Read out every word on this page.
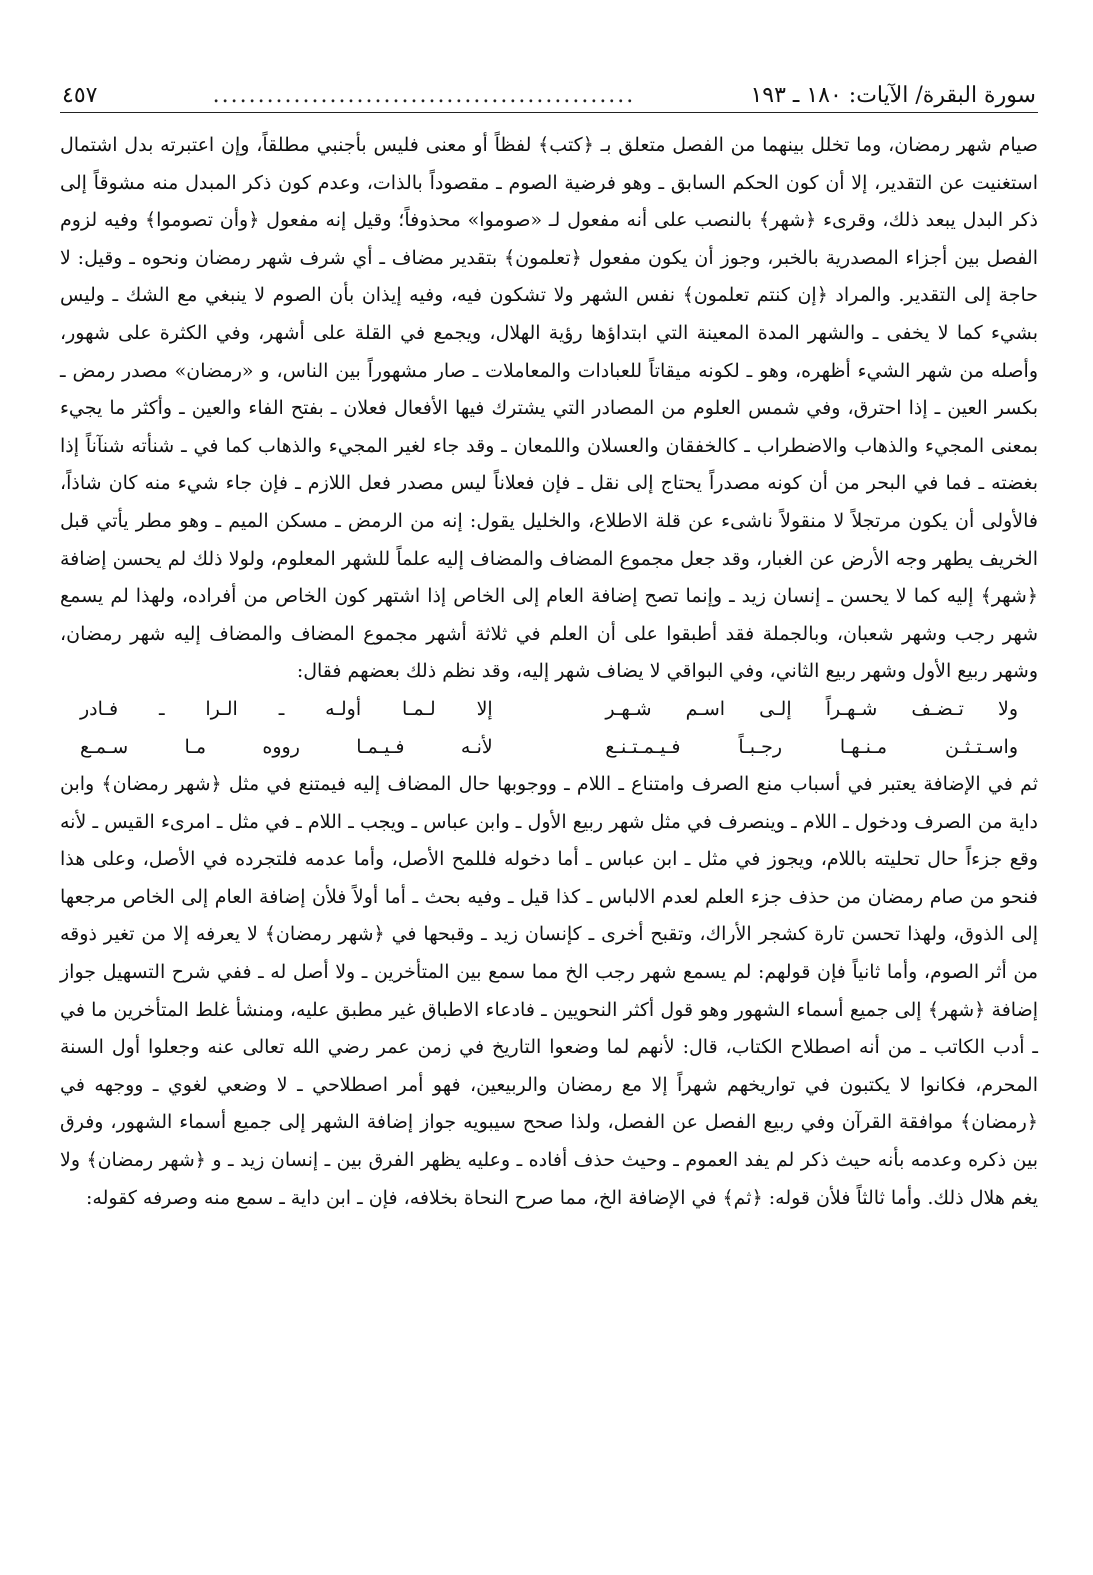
سورة البقرة/ الآيات: ١٨٠ ـ ١٩٣
...............................................
٤٥٧

صيام شهر رمضان، وما تخلل بينهما من الفصل متعلق بـ ﴿كتب﴾ لفظاً أو معنى فليس بأجنبي مطلقاً، وإن اعتبرته بدل اشتمال استغنيت عن التقدير، إلا أن كون الحكم السابق ـ وهو فرضية الصوم ـ مقصوداً بالذات، وعدم كون ذكر المبدل منه مشوقاً إلى ذكر البدل يبعد ذلك، وقرىء ﴿شهر﴾ بالنصب على أنه مفعول لـ «صوموا» محذوفاً؛ وقيل إنه مفعول ﴿وأن تصوموا﴾ وفيه لزوم الفصل بين أجزاء المصدرية بالخبر، وجوز أن يكون مفعول ﴿تعلمون﴾ بتقدير مضاف ـ أي شرف شهر رمضان ونحوه ـ وقيل: لا حاجة إلى التقدير. والمراد ﴿إن كنتم تعلمون﴾ نفس الشهر ولا تشكون فيه، وفيه إيذان بأن الصوم لا ينبغي مع الشك ـ وليس بشيء كما لا يخفى ـ والشهر المدة المعينة التي ابتداؤها رؤية الهلال، ويجمع في القلة على أشهر، وفي الكثرة على شهور، وأصله من شهر الشيء أظهره، وهو ـ لكونه ميقاتاً للعبادات والمعاملات ـ صار مشهوراً بين الناس، و «رمضان» مصدر رمض ـ بكسر العين ـ إذا احترق، وفي شمس العلوم من المصادر التي يشترك فيها الأفعال فعلان ـ بفتح الفاء والعين ـ وأكثر ما يجيء بمعنى المجيء والذهاب والاضطراب ـ كالخفقان والعسلان واللمعان ـ وقد جاء لغير المجيء والذهاب كما في ـ شنأته شنآناً إذا بغضته ـ فما في البحر من أن كونه مصدراً يحتاج إلى نقل ـ فإن فعلاناً ليس مصدر فعل اللازم ـ فإن جاء شيء منه كان شاذاً، فالأولى أن يكون مرتجلاً لا منقولاً ناشىء عن قلة الاطلاع، والخليل يقول: إنه من الرمض ـ مسكن الميم ـ وهو مطر يأتي قبل الخريف يطهر وجه الأرض عن الغبار، وقد جعل مجموع المضاف والمضاف إليه علماً للشهر المعلوم، ولولا ذلك لم يحسن إضافة ﴿شهر﴾ إليه كما لا يحسن ـ إنسان زيد ـ وإنما تصح إضافة العام إلى الخاص إذا اشتهر كون الخاص من أفراده، ولهذا لم يسمع شهر رجب وشهر شعبان، وبالجملة فقد أطبقوا على أن العلم في ثلاثة أشهر مجموع المضاف والمضاف إليه شهر رمضان، وشهر ربيع الأول وشهر ربيع الثاني، وفي البواقي لا يضاف شهر إليه، وقد نظم ذلك بعضهم فقال:

ولا
تـضـف
شـهـراً
إلـى
اسـم
شـهـر
إلا
لـمـا
أولـه
ـ
الـرا
ـ
فـادر
واسـتـثـن
مـنـهـا
رجـبـاً
فـيـمـتـنـع
لأنـه
فـيـمـا
رووه
مـا
سـمـع

ثم في الإضافة يعتبر في أسباب منع الصرف وامتناع ـ اللام ـ ووجوبها حال المضاف إليه فيمتنع في مثل ﴿شهر رمضان﴾ وابن داية من الصرف ودخول ـ اللام ـ وينصرف في مثل شهر ربيع الأول ـ وابن عباس ـ ويجب ـ اللام ـ في مثل ـ امرىء القيس ـ لأنه وقع جزءاً حال تحليته باللام، ويجوز في مثل ـ ابن عباس ـ أما دخوله فللمح الأصل، وأما عدمه فلتجرده في الأصل، وعلى هذا فنحو من صام رمضان من حذف جزء العلم لعدم الالباس ـ كذا قيل ـ وفيه بحث ـ أما أولاً فلأن إضافة العام إلى الخاص مرجعها إلى الذوق، ولهذا تحسن تارة كشجر الأراك، وتقبح أخرى ـ كإنسان زيد ـ وقبحها في ﴿شهر رمضان﴾ لا يعرفه إلا من تغير ذوقه من أثر الصوم، وأما ثانياً فإن قولهم: لم يسمع شهر رجب الخ مما سمع بين المتأخرين ـ ولا أصل له ـ ففي شرح التسهيل جواز إضافة ﴿شهر﴾ إلى جميع أسماء الشهور وهو قول أكثر النحويين ـ فادعاء الاطباق غير مطبق عليه، ومنشأ غلط المتأخرين ما في ـ أدب الكاتب ـ من أنه اصطلاح الكتاب، قال: لأنهم لما وضعوا التاريخ في زمن عمر رضي الله تعالى عنه وجعلوا أول السنة المحرم، فكانوا لا يكتبون في تواريخهم شهراً إلا مع رمضان والربيعين، فهو أمر اصطلاحي ـ لا وضعي لغوي ـ ووجهه في ﴿رمضان﴾ موافقة القرآن وفي ربيع الفصل عن الفصل، ولذا صحح سيبويه جواز إضافة الشهر إلى جميع أسماء الشهور، وفرق بين ذكره وعدمه بأنه حيث ذكر لم يفد العموم ـ وحيث حذف أفاده ـ وعليه يظهر الفرق بين ـ إنسان زيد ـ و ﴿شهر رمضان﴾ ولا يغم هلال ذلك. وأما ثالثاً فلأن قوله: ﴿ثم﴾ في الإضافة الخ، مما صرح النحاة بخلافه، فإن ـ ابن داية ـ سمع منه وصرفه كقوله:
